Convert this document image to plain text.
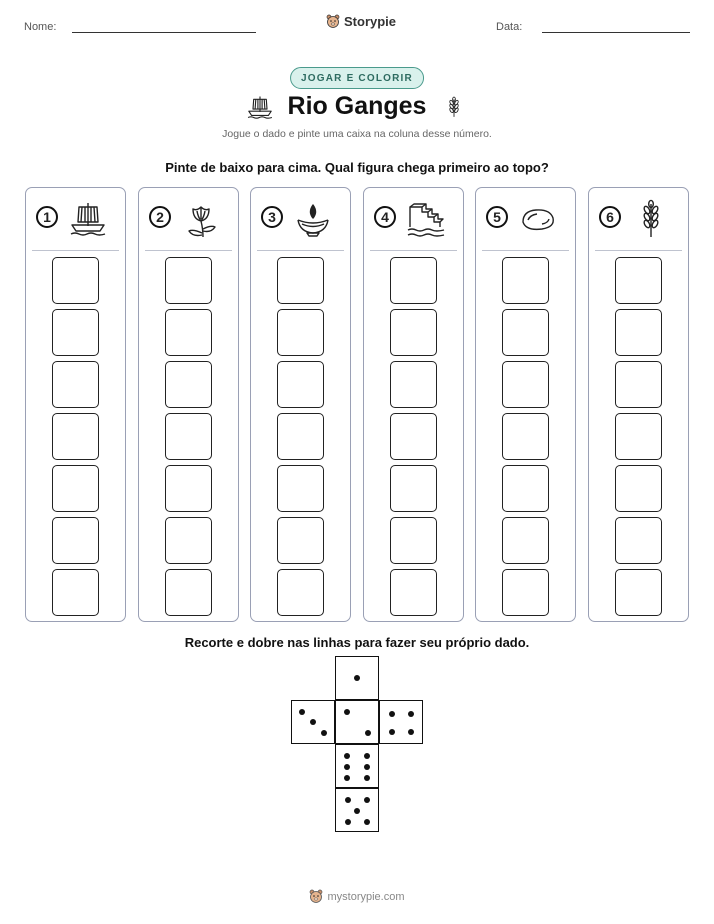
Nome:	Storypie	Data:
JOGAR E COLORIR
Rio Ganges
Jogue o dado e pinte uma caixa na coluna desse número.
Pinte de baixo para cima. Qual figura chega primeiro ao topo?
1	2	3	4	5	6
Recorte e dobre nas linhas para fazer seu próprio dado.
mystorypie.com
